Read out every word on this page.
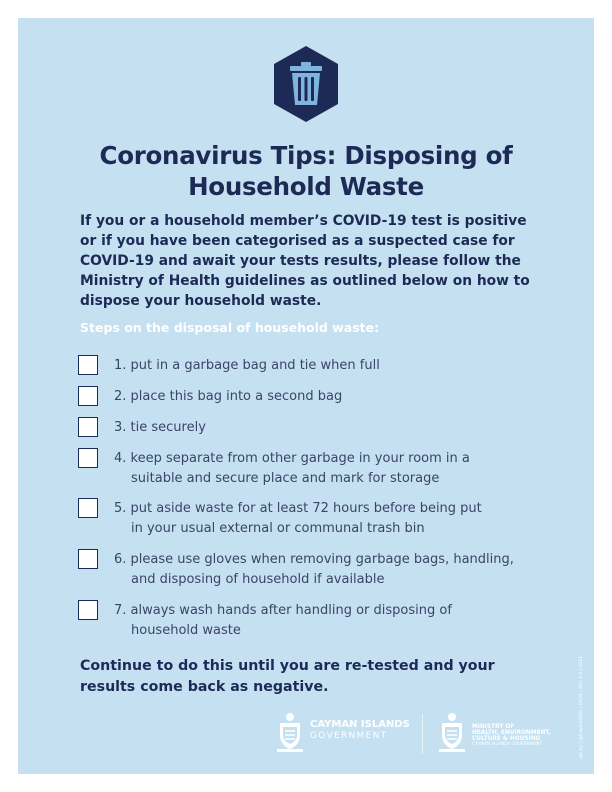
Coronavirus Tips: Disposing of
Household Waste
If you or a household member’s COVID-19 test is positive or if you have been categorised as a suspected case for COVID-19 and await your tests results, please follow the Ministry of Health guidelines as outlined below on how to dispose your household waste.
Steps on the disposal of household waste:
1. put in a garbage bag and tie when full
2. place this bag into a second bag
3. tie securely
4. keep separate from other garbage in your room in a
suitable and secure place and mark for storage
5. put aside waste for at least 72 hours before being put
in your usual external or communal trash bin
6. please use gloves when removing garbage bags, handling,
and disposing of household if available
7. always wash hands after handling or disposing of
household waste
Continue to do this until you are re-tested and your results come back as negative.
CAYMAN ISLANDS
GOVERNMENT
MINISTRY OF
HEALTH, ENVIRONMENT,
CULTURE & HOUSING
CAYMAN ISLANDS GOVERNMENT	gis.ky | @CaymanGIS | QR24 | Rev 1.0 | 2021
